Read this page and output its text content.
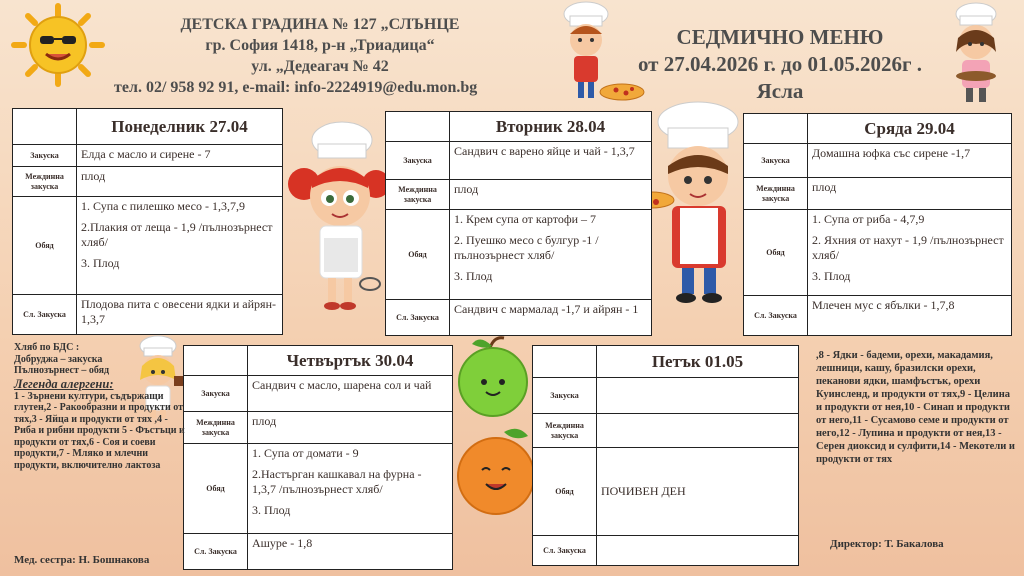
ДЕТСКА ГРАДИНА № 127 „СЛЪНЦЕ
гр. София 1418, р-н „Триадица“
ул. „Дедеагач № 42
тел. 02/ 958 92 91, e-mail: info-2224919@edu.mon.bg
СЕДМИЧНО МЕНЮ
от 27.04.2026 г. до 01.05.2026г .
Ясла
	Понеделник 27.04
Закуска	Елда с масло и сирене - 7
Междинна закуска	плод
Обяд	1. Супа с пилешко месо - 1,3,7,9

2.Плакия от леща - 1,9 /пълнозърнест хляб/

3. Плод

Сл. Закуска	Плодова пита с овесени ядки и айрян- 1,3,7
	Вторник 28.04
Закуска	Сандвич с варено яйце и чай - 1,3,7
Междинна закуска	плод
Обяд	1. Крем супа от картофи – 7

2. Пуешко месо с булгур -1 /пълнозърнест хляб/

3. Плод

Сл. Закуска	Сандвич с мармалад -1,7 и айрян - 1
	Сряда 29.04
Закуска	Домашна юфка със сирене -1,7
Междинна закуска	плод
Обяд	1. Супа от риба - 4,7,9

2. Яхния от нахут - 1,9 /пълнозърнест хляб/

3. Плод

Сл. Закуска	Млечен мус с ябълки - 1,7,8
	Четвъртък 30.04
Закуска	Сандвич с масло, шарена сол и чай
Междинна закуска	плод
Обяд	1. Супа от домати - 9

2.Настърган кашкавал на фурна - 1,3,7 /пълнозърнест хляб/

3. Плод

Сл. Закуска	Ашуре - 1,8
	Петък 01.05
Закуска	
Междинна закуска	
Обяд	ПОЧИВЕН ДЕН

Сл. Закуска	
Хляб по БДС :
Добруджа – закуска
Пълнозърнест – обяд
Легенда алергени:
1 - Зърнени култури, съдържащи глутен,2 - Ракообразни и продукти от тях,3 - Яйца и продукти от тях ,4 - Риба и рибни продукти 5 - Фъстъци и продукти от тях,6 - Соя и соеви продукти,7 - Мляко и млечни продукти, включително лактоза
,8 - Ядки - бадеми, орехи, макадамия, лешници, кашу, бразилски орехи, пеканови ядки, шамфъстък, орехи Куинсленд, и продукти от тях,9 - Целина и продукти от нея,10 - Синап и продукти от него,11 - Сусамово семе и продукти от него,12 - Лупина и продукти от нея,13 - Серен диоксид и сулфити,14 - Мекотели и продукти от тях
Мед. сестра: Н. Бошнакова
Директор: Т. Бакалова
